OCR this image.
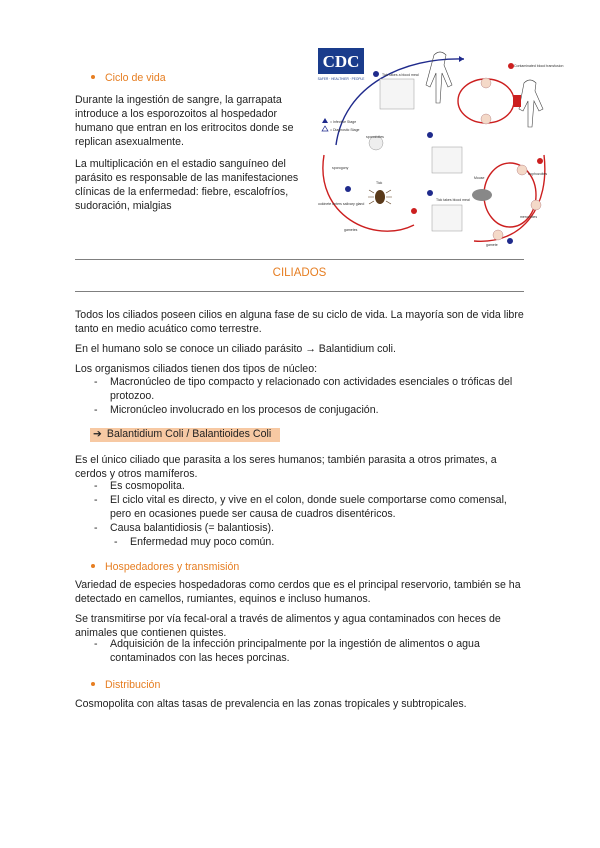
Ciclo de vida

Durante la ingestión de sangre, la garrapata introduce a los esporozoitos al hospedador humano que entran en los eritrocitos donde se replican asexualmente.

La multiplicación en el estadio sanguíneo del parásito es responsable de las manifestaciones clínicas de la enfermedad: fiebre, escalofríos, sudoración, mialgias

CDC
SAFER · HEALTHIER · PEOPLE
Contaminated blood transfusion
Tick takes a blood meal
= Infective Stage
= Diagnostic Stage
sporozoites
sporogony
trophozoites
merozoites
gamete
Tick
ookinete enters salivary gland
gametes
Tick takes blood meal
Mouse
CILIADOS

Todos los ciliados poseen cilios en alguna fase de su ciclo de vida. La mayoría son de vida libre tanto en medio acuático como terrestre.

En el humano solo se conoce un ciliado parásito → Balantidium coli.

Los organismos ciliados tienen dos tipos de núcleo:

- Macronúcleo de tipo compacto y relacionado con actividades esenciales o tróficas del protozoo.
- Micronúcleo involucrado en los procesos de conjugación.
➔ Balantidium Coli / Balantioides Coli

Es el único ciliado que parasita a los seres humanos; también parasita a otros primates, a cerdos y otros mamíferos.

- Es cosmopolita.
- El ciclo vital es directo, y vive en el colon, donde suele comportarse como comensal, pero en ocasiones puede ser causa de cuadros disentéricos.
- Causa balantidiosis (= balantiosis).
- Enfermedad muy poco común.
Hospedadores y transmisión

Variedad de especies hospedadoras como cerdos que es el principal reservorio, también se ha detectado en camellos, rumiantes, equinos e incluso humanos.

Se transmitirse por vía fecal-oral a través de alimentos y agua contaminados con heces de animales que contienen quistes.

- Adquisición de la infección principalmente por la ingestión de alimentos o agua contaminados con las heces porcinas.
Distribución

Cosmopolita con altas tasas de prevalencia en las zonas tropicales y subtropicales.
